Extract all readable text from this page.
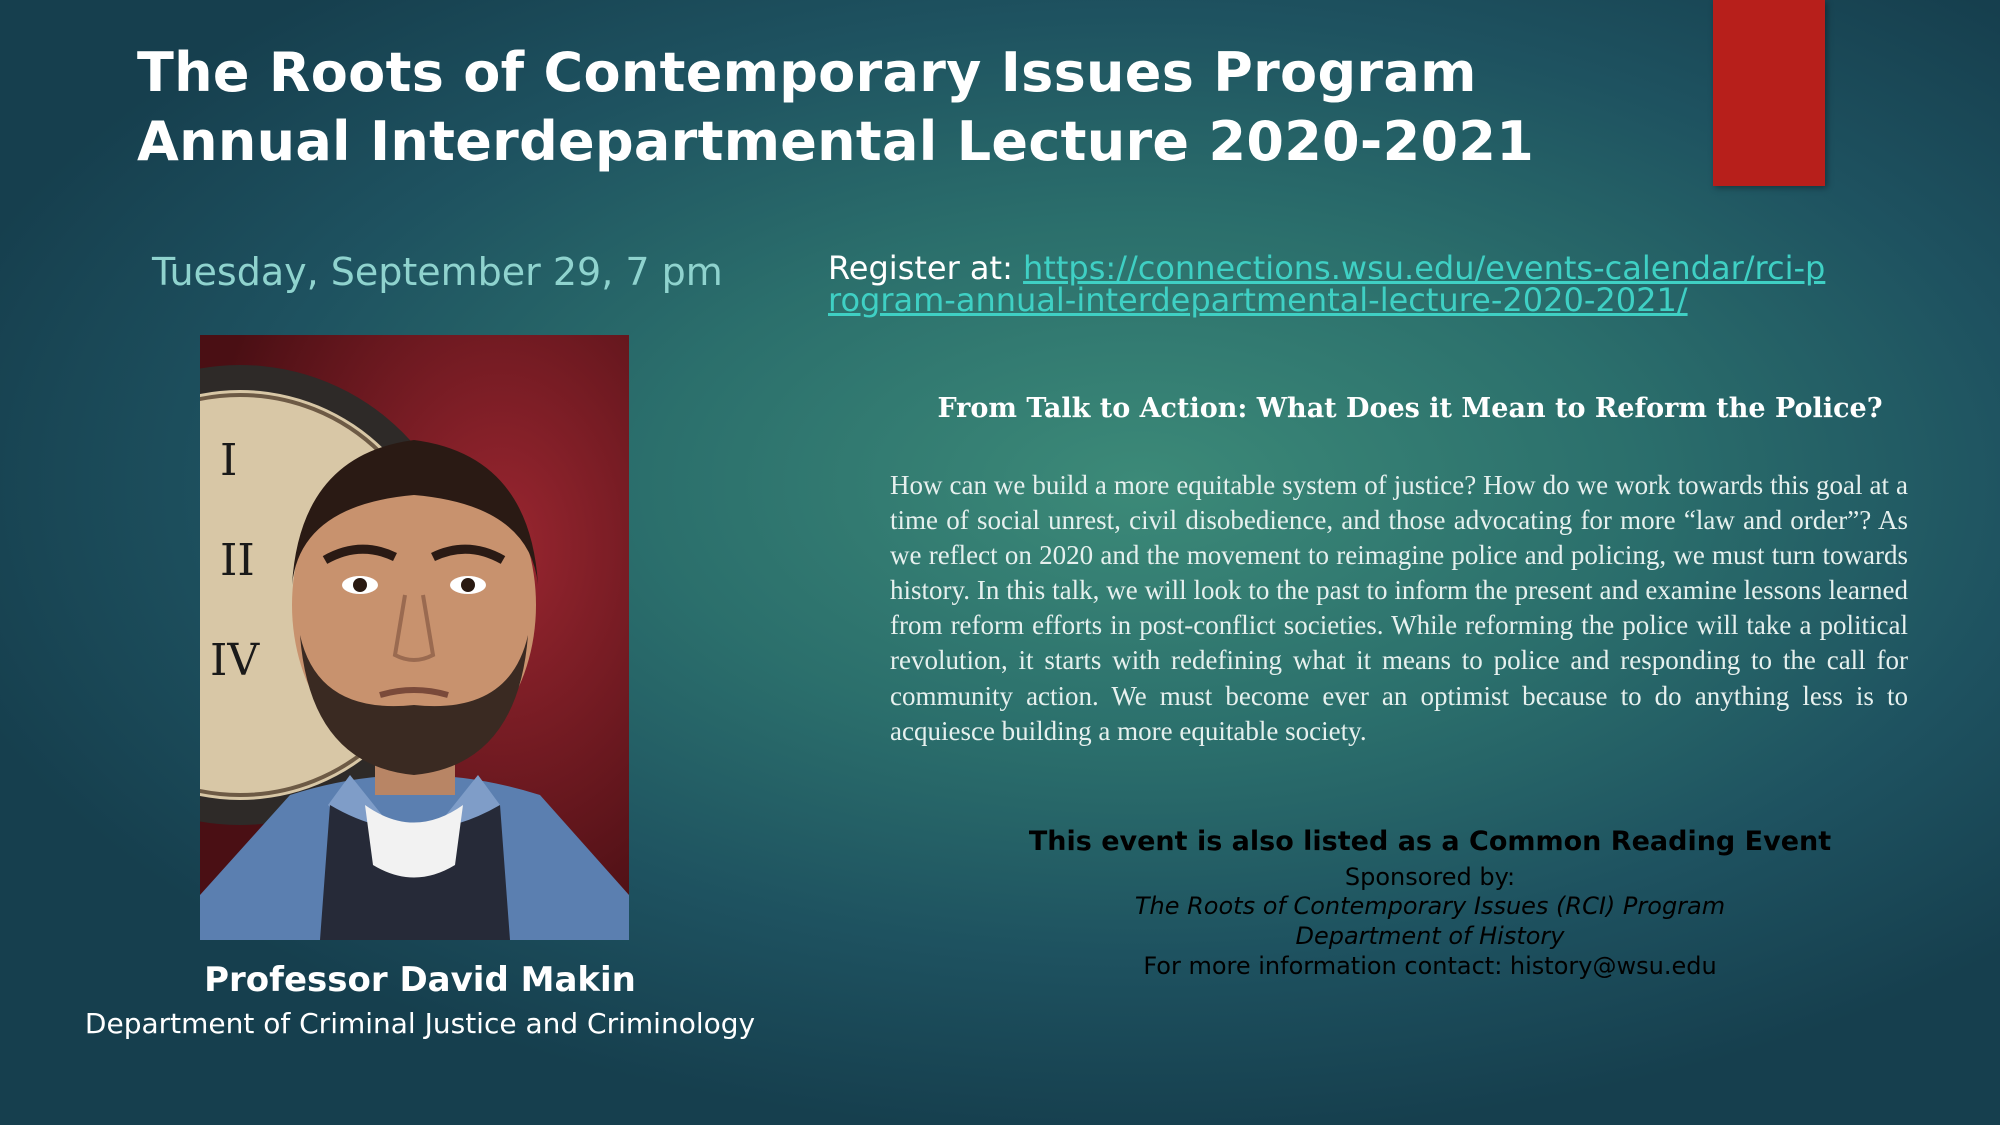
The Roots of Contemporary Issues Program
Annual Interdepartmental Lecture 2020-2021
Tuesday, September 29, 7 pm	Register at: https://connections.wsu.edu/events-calendar/rci-program-annual-interdepartmental-lecture-2020-2021/
I
II
IV
Professor David Makin
Department of Criminal Justice and Criminology
From Talk to Action: What Does it Mean to Reform the Police?
How can we build a more equitable system of justice? How do we work towards this goal at a time of social unrest, civil disobedience, and those advocating for more “law and order”? As we reflect on 2020 and the movement to reimagine police and policing, we must turn towards history. In this talk, we will look to the past to inform the present and examine lessons learned from reform efforts in post-conflict societies. While reforming the police will take a political revolution, it starts with redefining what it means to police and responding to the call for community action. We must become ever an optimist because to do anything less is to acquiesce building a more equitable society.
This event is also listed as a Common Reading Event
Sponsored by:
The Roots of Contemporary Issues (RCI) Program
Department of History
For more information contact: history@wsu.edu
